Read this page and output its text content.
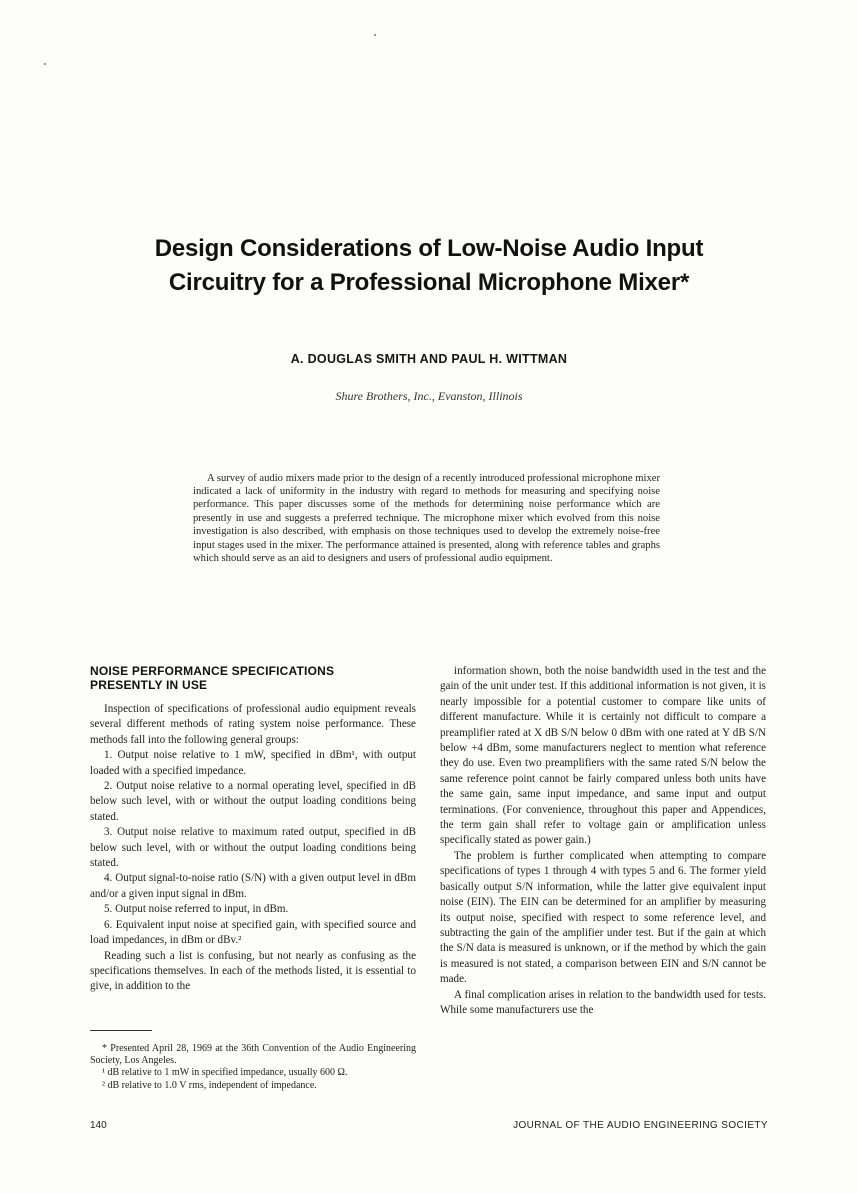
Design Considerations of Low-Noise Audio Input
Circuitry for a Professional Microphone Mixer*
A. DOUGLAS SMITH AND PAUL H. WITTMAN
Shure Brothers, Inc., Evanston, Illinois

A survey of audio mixers made prior to the design of a recently introduced professional microphone mixer indicated a lack of uniformity in the industry with regard to methods for measuring and specifying noise performance. This paper discusses some of the methods for determining noise performance which are presently in use and suggests a preferred technique. The microphone mixer which evolved from this noise investigation is also described, with emphasis on those techniques used to develop the extremely noise-free input stages used in the mixer. The performance attained is presented, along with reference tables and graphs which should serve as an aid to designers and users of professional audio equipment.

NOISE PERFORMANCE SPECIFICATIONS
PRESENTLY IN USE

Inspection of specifications of professional audio equipment reveals several different methods of rating system noise performance. These methods fall into the following general groups:

1. Output noise relative to 1 mW, specified in dBm¹, with output loaded with a specified impedance.

2. Output noise relative to a normal operating level, specified in dB below such level, with or without the output loading conditions being stated.

3. Output noise relative to maximum rated output, specified in dB below such level, with or without the output loading conditions being stated.

4. Output signal-to-noise ratio (S/N) with a given output level in dBm and/or a given input signal in dBm.

5. Output noise referred to input, in dBm.

6. Equivalent input noise at specified gain, with specified source and load impedances, in dBm or dBv.²

Reading such a list is confusing, but not nearly as confusing as the specifications themselves. In each of the methods listed, it is essential to give, in addition to the

* Presented April 28, 1969 at the 36th Convention of the Audio Engineering Society, Los Angeles.

¹ dB relative to 1 mW in specified impedance, usually 600 Ω.

² dB relative to 1.0 V rms, independent of impedance.

information shown, both the noise bandwidth used in the test and the gain of the unit under test. If this additional information is not given, it is nearly impossible for a potential customer to compare like units of different manufacture. While it is certainly not difficult to compare a preamplifier rated at X dB S/N below 0 dBm with one rated at Y dB S/N below +4 dBm, some manufacturers neglect to mention what reference they do use. Even two preamplifiers with the same rated S/N below the same reference point cannot be fairly compared unless both units have the same gain, same input impedance, and same input and output terminations. (For convenience, throughout this paper and Appendices, the term gain shall refer to voltage gain or amplification unless specifically stated as power gain.)

The problem is further complicated when attempting to compare specifications of types 1 through 4 with types 5 and 6. The former yield basically output S/N information, while the latter give equivalent input noise (EIN). The EIN can be determined for an amplifier by measuring its output noise, specified with respect to some reference level, and subtracting the gain of the amplifier under test. But if the gain at which the S/N data is measured is unknown, or if the method by which the gain is measured is not stated, a comparison between EIN and S/N cannot be made.

A final complication arises in relation to the bandwidth used for tests. While some manufacturers use the

140	JOURNAL OF THE AUDIO ENGINEERING SOCIETY
